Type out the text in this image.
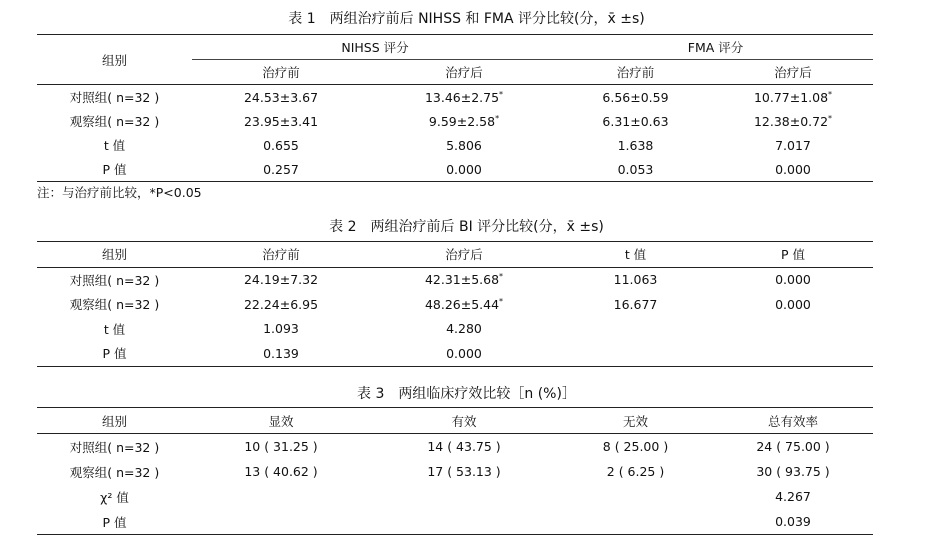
表 1　两组治疗前后 NIHSS 和 FMA 评分比较(分，x̄ ±s)
组别	NIHSS 评分		FMA 评分	
	治疗前	治疗后	治疗前	治疗后
对照组( n=32 )	24.53±3.67	13.46±2.75*	6.56±0.59	10.77±1.08*
观察组( n=32 )	23.95±3.41	9.59±2.58*	6.31±0.63	12.38±0.72*
t 值	0.655	5.806	1.638	7.017
P 值	0.257	0.000	0.053	0.000
注：与治疗前比较，*P<0.05
表 2　两组治疗前后 BI 评分比较(分，x̄ ±s)
组别	治疗前	治疗后	t 值	P 值
对照组( n=32 )	24.19±7.32	42.31±5.68*	11.063	0.000
观察组( n=32 )	22.24±6.95	48.26±5.44*	16.677	0.000
t 值	1.093	4.280		
P 值	0.139	0.000		
表 3　两组临床疗效比较［n (%)］
组别	显效	有效	无效	总有效率
对照组( n=32 )	10 ( 31.25 )	14 ( 43.75 )	8 ( 25.00 )	24 ( 75.00 )
观察组( n=32 )	13 ( 40.62 )	17 ( 53.13 )	2 ( 6.25 )	30 ( 93.75 )
χ² 值				4.267
P 值				0.039
